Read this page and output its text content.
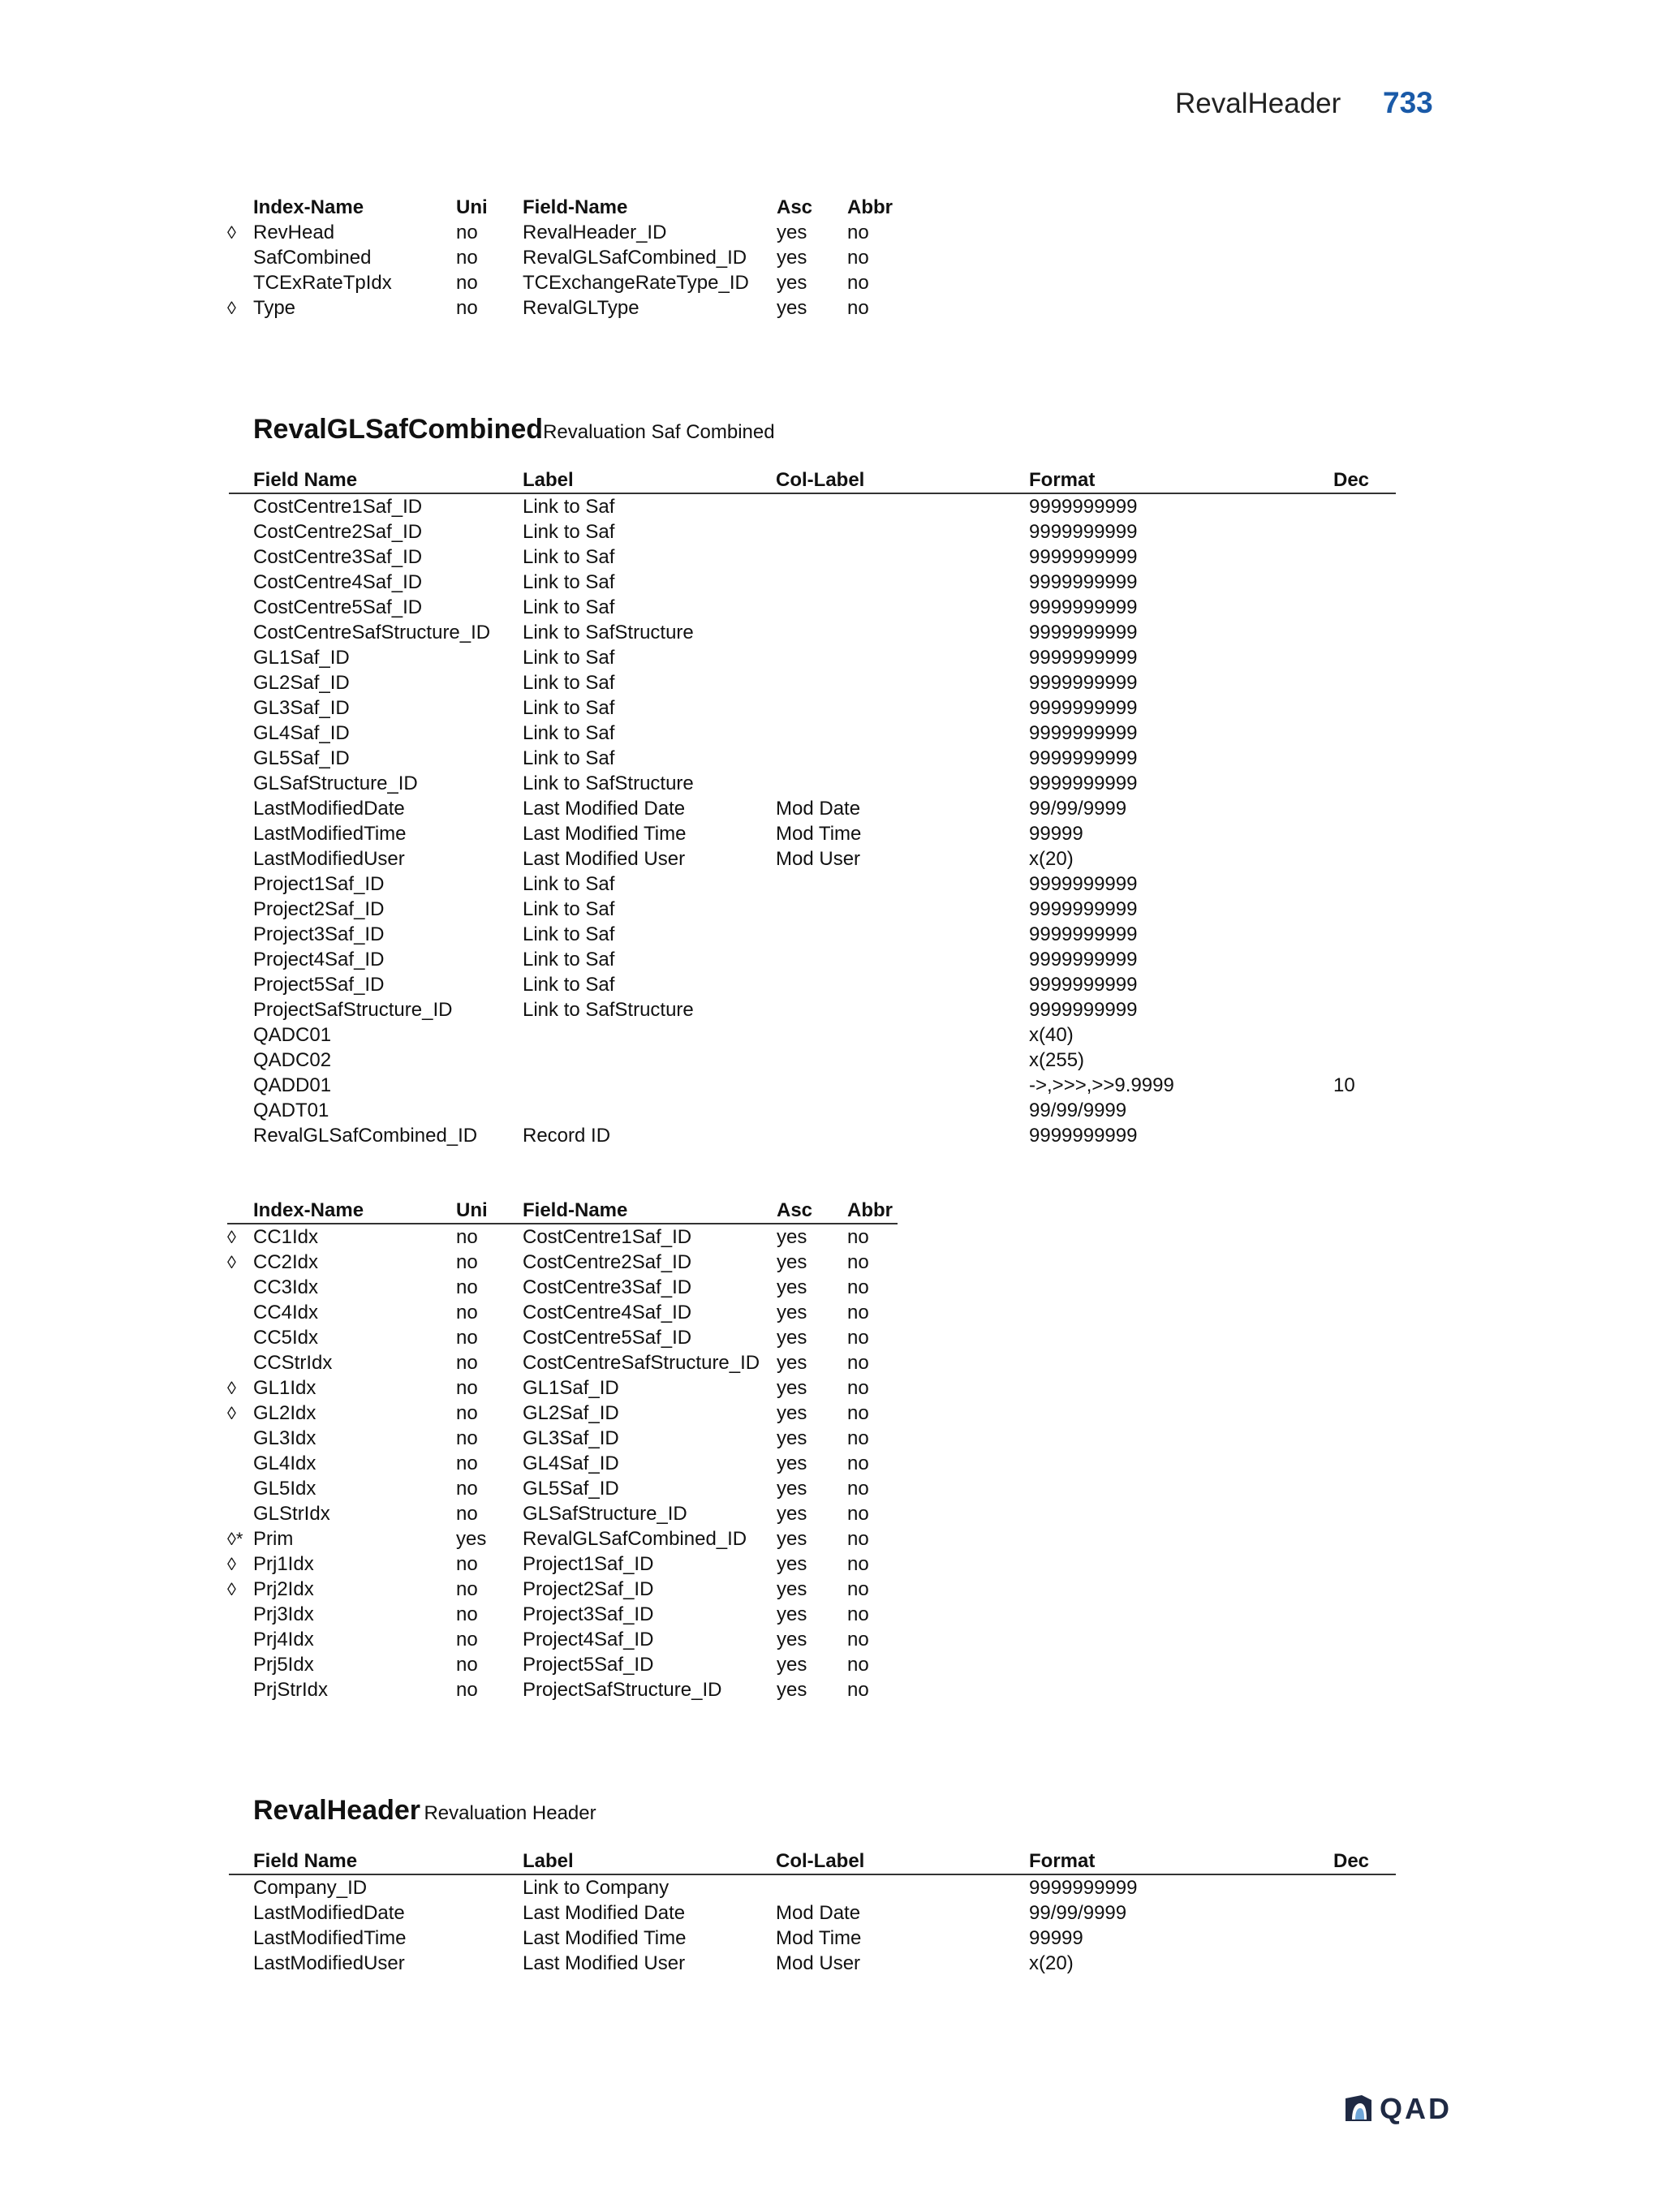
RevalHeader 733
	Index-Name	Uni	Field-Name	Asc	Abbr
◊	RevHead	no	RevalHeader_ID	yes	no
	SafCombined	no	RevalGLSafCombined_ID	yes	no
	TCExRateTpIdx	no	TCExchangeRateType_ID	yes	no
◊	Type	no	RevalGLType	yes	no
RevalGLSafCombinedRevaluation Saf Combined
	Field Name	Label	Col-Label	Format	Dec
	CostCentre1Saf_ID	Link to Saf		9999999999	
	CostCentre2Saf_ID	Link to Saf		9999999999	
	CostCentre3Saf_ID	Link to Saf		9999999999	
	CostCentre4Saf_ID	Link to Saf		9999999999	
	CostCentre5Saf_ID	Link to Saf		9999999999	
	CostCentreSafStructure_ID	Link to SafStructure		9999999999	
	GL1Saf_ID	Link to Saf		9999999999	
	GL2Saf_ID	Link to Saf		9999999999	
	GL3Saf_ID	Link to Saf		9999999999	
	GL4Saf_ID	Link to Saf		9999999999	
	GL5Saf_ID	Link to Saf		9999999999	
	GLSafStructure_ID	Link to SafStructure		9999999999	
	LastModifiedDate	Last Modified Date	Mod Date	99/99/9999	
	LastModifiedTime	Last Modified Time	Mod Time	99999	
	LastModifiedUser	Last Modified User	Mod User	x(20)	
	Project1Saf_ID	Link to Saf		9999999999	
	Project2Saf_ID	Link to Saf		9999999999	
	Project3Saf_ID	Link to Saf		9999999999	
	Project4Saf_ID	Link to Saf		9999999999	
	Project5Saf_ID	Link to Saf		9999999999	
	ProjectSafStructure_ID	Link to SafStructure		9999999999	
	QADC01			x(40)	
	QADC02			x(255)	
	QADD01			->,>>>,>>9.9999	10
	QADT01			99/99/9999	
	RevalGLSafCombined_ID	Record ID		9999999999	
	Index-Name	Uni	Field-Name	Asc	Abbr
◊	CC1Idx	no	CostCentre1Saf_ID	yes	no
◊	CC2Idx	no	CostCentre2Saf_ID	yes	no
	CC3Idx	no	CostCentre3Saf_ID	yes	no
	CC4Idx	no	CostCentre4Saf_ID	yes	no
	CC5Idx	no	CostCentre5Saf_ID	yes	no
	CCStrIdx	no	CostCentreSafStructure_ID	yes	no
◊	GL1Idx	no	GL1Saf_ID	yes	no
◊	GL2Idx	no	GL2Saf_ID	yes	no
	GL3Idx	no	GL3Saf_ID	yes	no
	GL4Idx	no	GL4Saf_ID	yes	no
	GL5Idx	no	GL5Saf_ID	yes	no
	GLStrIdx	no	GLSafStructure_ID	yes	no
◊*	Prim	yes	RevalGLSafCombined_ID	yes	no
◊	Prj1Idx	no	Project1Saf_ID	yes	no
◊	Prj2Idx	no	Project2Saf_ID	yes	no
	Prj3Idx	no	Project3Saf_ID	yes	no
	Prj4Idx	no	Project4Saf_ID	yes	no
	Prj5Idx	no	Project5Saf_ID	yes	no
	PrjStrIdx	no	ProjectSafStructure_ID	yes	no
RevalHeader Revaluation Header
	Field Name	Label	Col-Label	Format	Dec
	Company_ID	Link to Company		9999999999	
	LastModifiedDate	Last Modified Date	Mod Date	99/99/9999	
	LastModifiedTime	Last Modified Time	Mod Time	99999	
	LastModifiedUser	Last Modified User	Mod User	x(20)	
QAD
